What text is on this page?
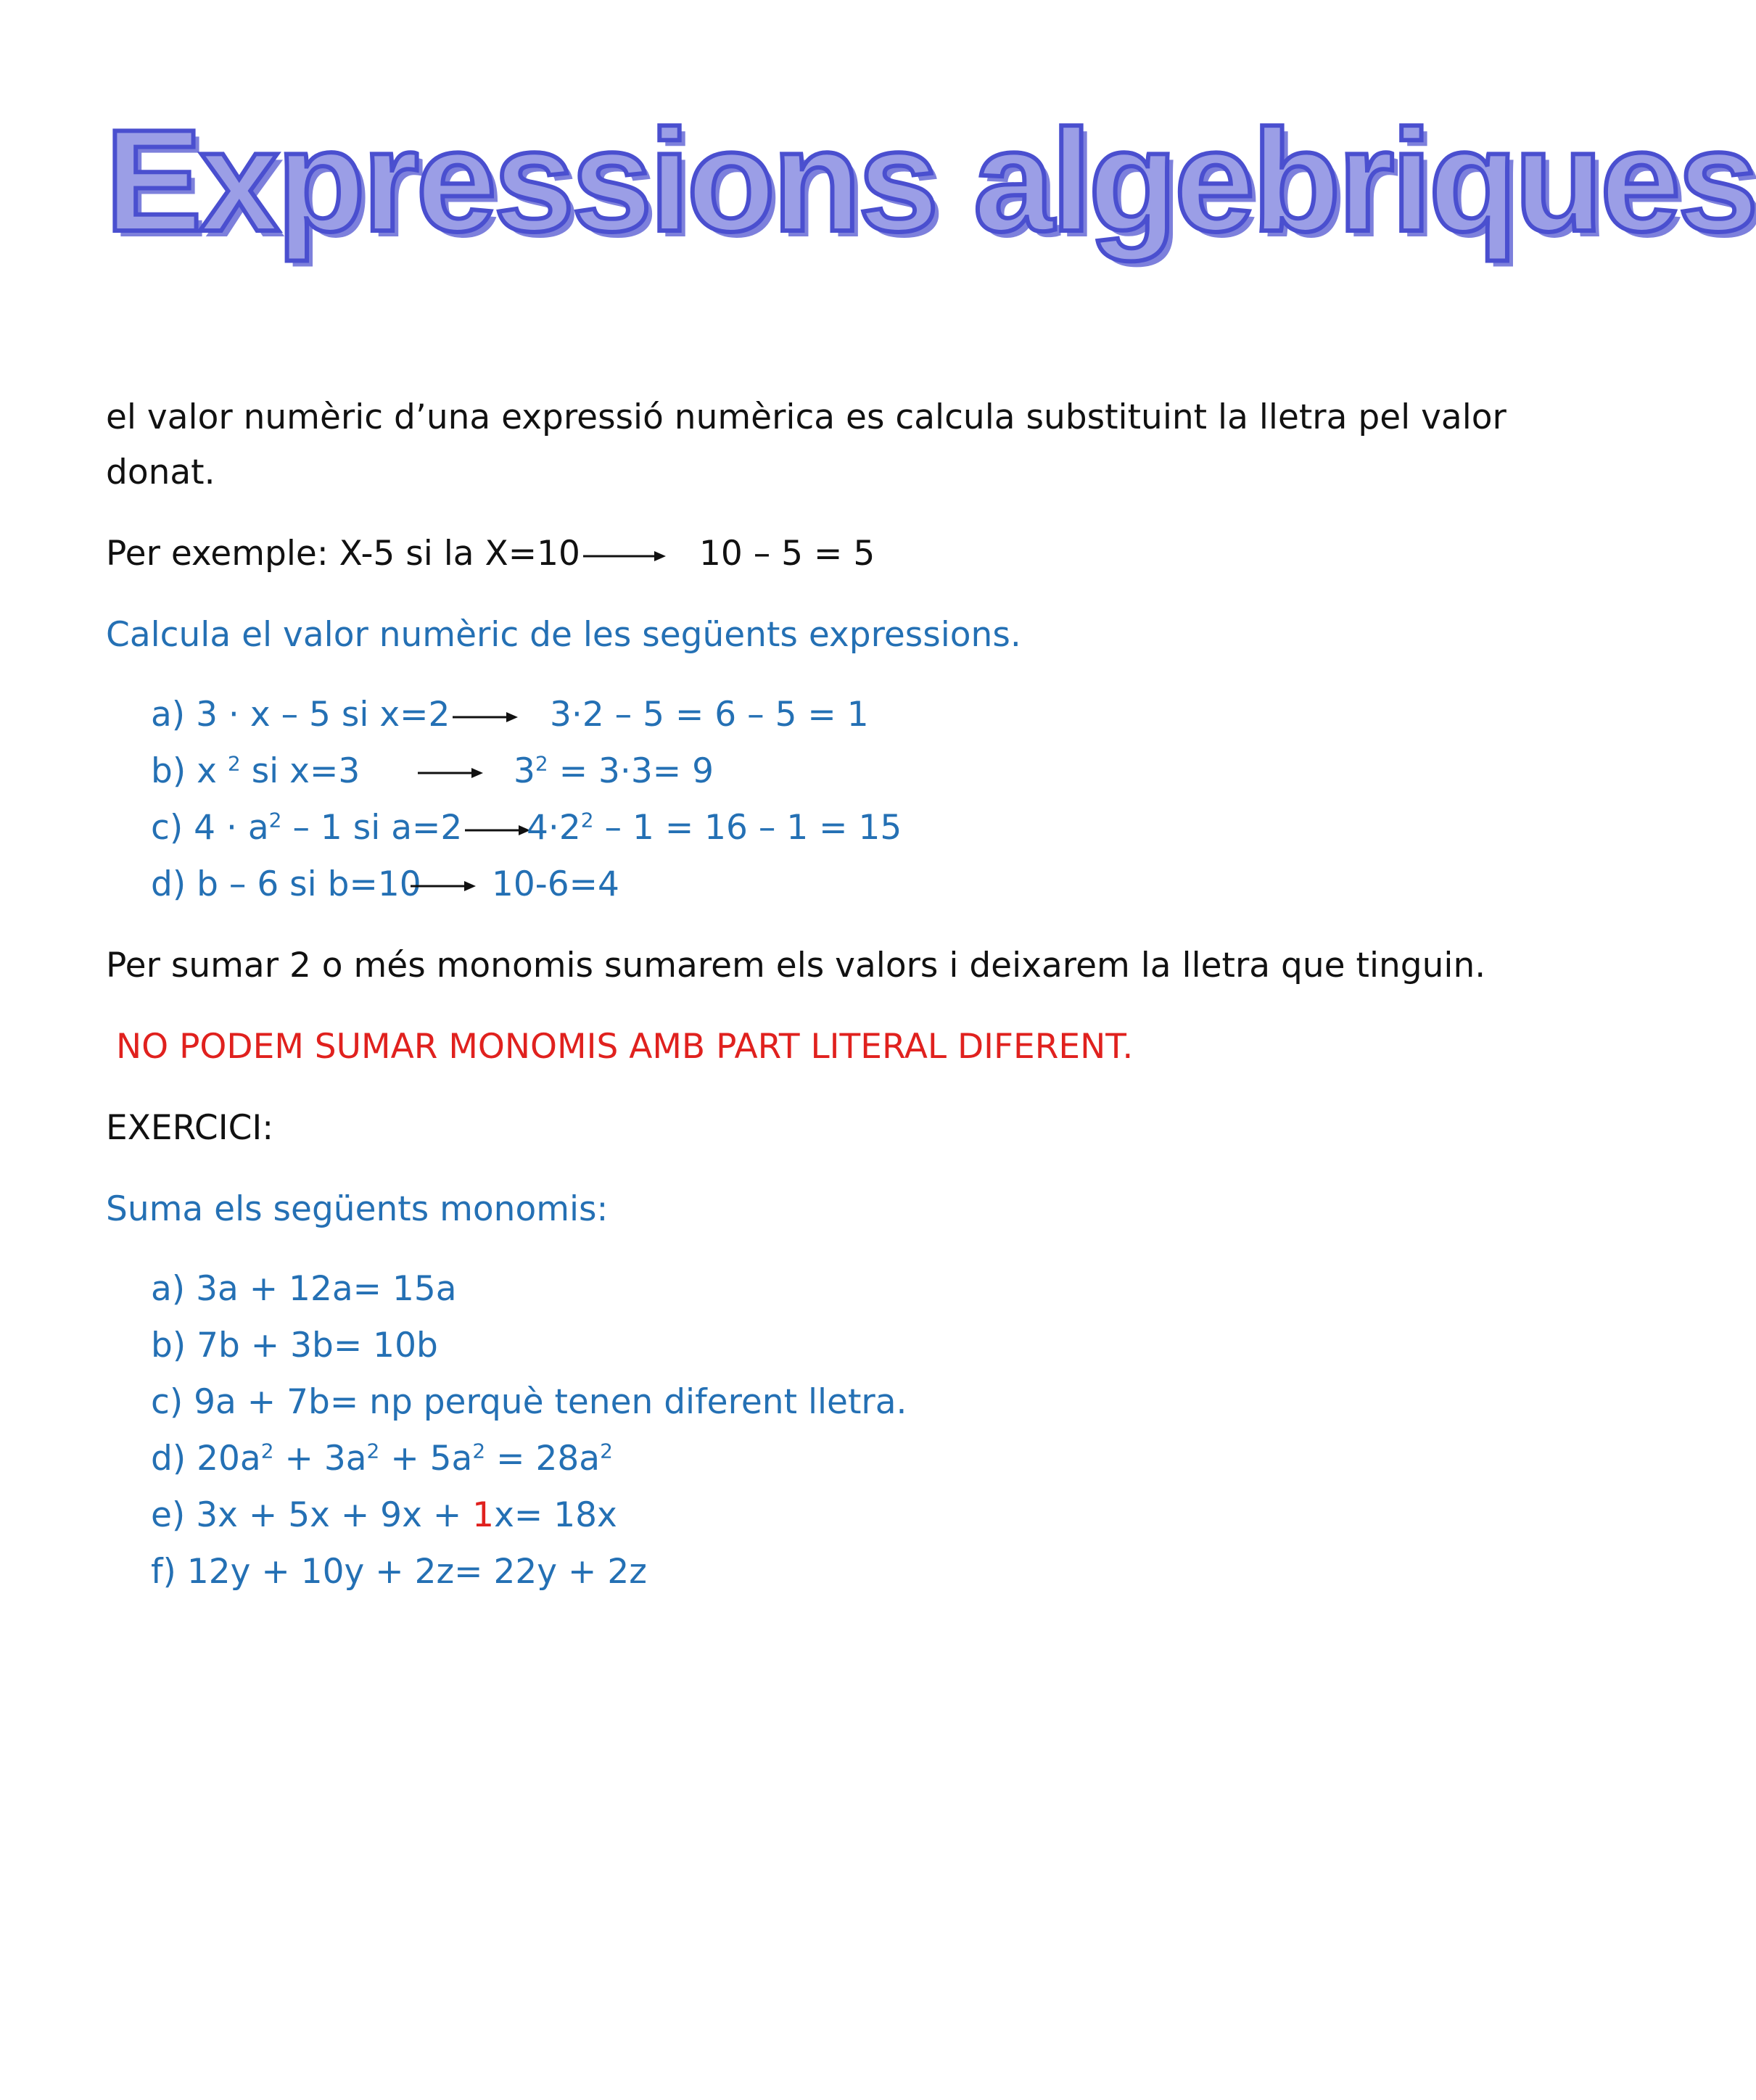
Expressions algebriques
el valor numèric d’una expressió numèrica es calcula substituint la lletra pel valor
donat.
Per exemple: X-5 si la X=10	10 – 5 = 5
Calcula el valor numèric de les següents expressions.
a) 3 · x – 5 si x=2	3·2 – 5 = 6 – 5 = 1
b) x $^2$ si x=3	$3^2 = 3\cdot 3= 9$
c) $4 \cdot a^2 - 1$ si a=2 $4\cdot 2^2 - 1 = 16 - 1 = 15$
d) b – 6 si b=10 10-6=4
Per sumar 2 o més monomis sumarem els valors i deixarem la lletra que tinguin.
NO PODEM SUMAR MONOMIS AMB PART LITERAL DIFERENT.
EXERCICI:
Suma els següents monomis:
a) 3a + 12a= 15a
b) 7b + 3b= 10b
c) 9a + 7b= np perquè tenen diferent lletra.
d) $20a^2 + 3a^2 + 5a^2 = 28a^2$
e) 3x + 5x + 9x + 1x= 18x
f) 12y + 10y + 2z= 22y + 2z
